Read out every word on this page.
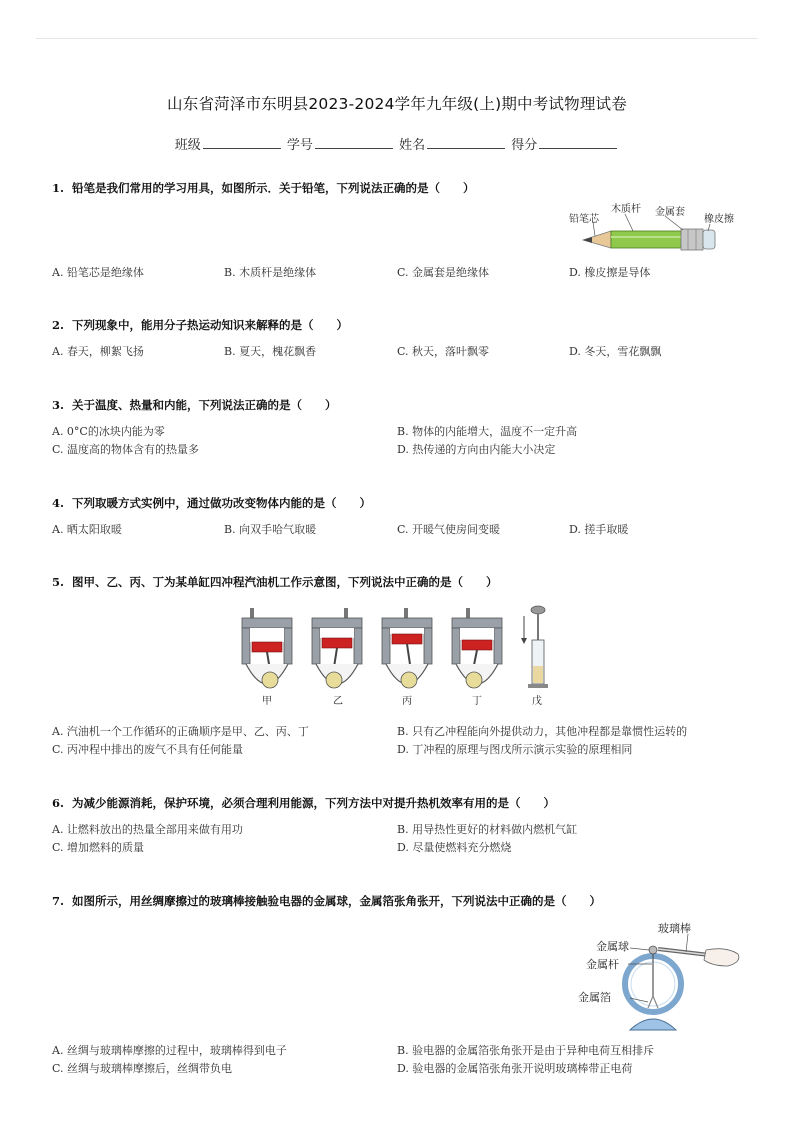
山东省菏泽市东明县2023-2024学年九年级(上)期中考试物理试卷
班级	学号	姓名	得分
1. 铅笔是我们常用的学习用具，如图所示．关于铅笔，下列说法正确的是（　　）
铅笔芯
木质杆 金属套
橡皮擦
A. 铅笔芯是绝缘体	B. 木质杆是绝缘体	C. 金属套是绝缘体	D. 橡皮擦是导体
2. 下列现象中，能用分子热运动知识来解释的是（　　）
A. 春天，柳絮飞扬	B. 夏天，槐花飘香	C. 秋天，落叶飘零	D. 冬天，雪花飘飘
3. 关于温度、热量和内能，下列说法正确的是（　　）
A. 0°C的冰块内能为零	B. 物体的内能增大，温度不一定升高
C. 温度高的物体含有的热量多	D. 热传递的方向由内能大小决定
4. 下列取暖方式实例中，通过做功改变物体内能的是（　　）
A. 晒太阳取暖	B. 向双手哈气取暖	C. 开暖气使房间变暖	D. 搓手取暖
5. 图甲、乙、丙、丁为某单缸四冲程汽油机工作示意图，下列说法中正确的是（　　）
甲	乙	丙	丁	戊
A. 汽油机一个工作循环的正确顺序是甲、乙、丙、丁	B. 只有乙冲程能向外提供动力，其他冲程都是靠惯性运转的
C. 丙冲程中排出的废气不具有任何能量	D. 丁冲程的原理与图戊所示演示实验的原理相同
6. 为减少能源消耗，保护环境，必须合理利用能源，下列方法中对提升热机效率有用的是（　　）
A. 让燃料放出的热量全部用来做有用功	B. 用导热性更好的材料做内燃机气缸
C. 增加燃料的质量	D. 尽量使燃料充分燃烧
7. 如图所示，用丝绸摩擦过的玻璃棒接触验电器的金属球，金属箔张角张开，下列说法中正确的是（　　）
玻璃棒
金属球
金属杆
金属箔
A. 丝绸与玻璃棒摩擦的过程中，玻璃棒得到电子	B. 验电器的金属箔张角张开是由于异种电荷互相排斥
C. 丝绸与玻璃棒摩擦后，丝绸带负电	D. 验电器的金属箔张角张开说明玻璃棒带正电荷
